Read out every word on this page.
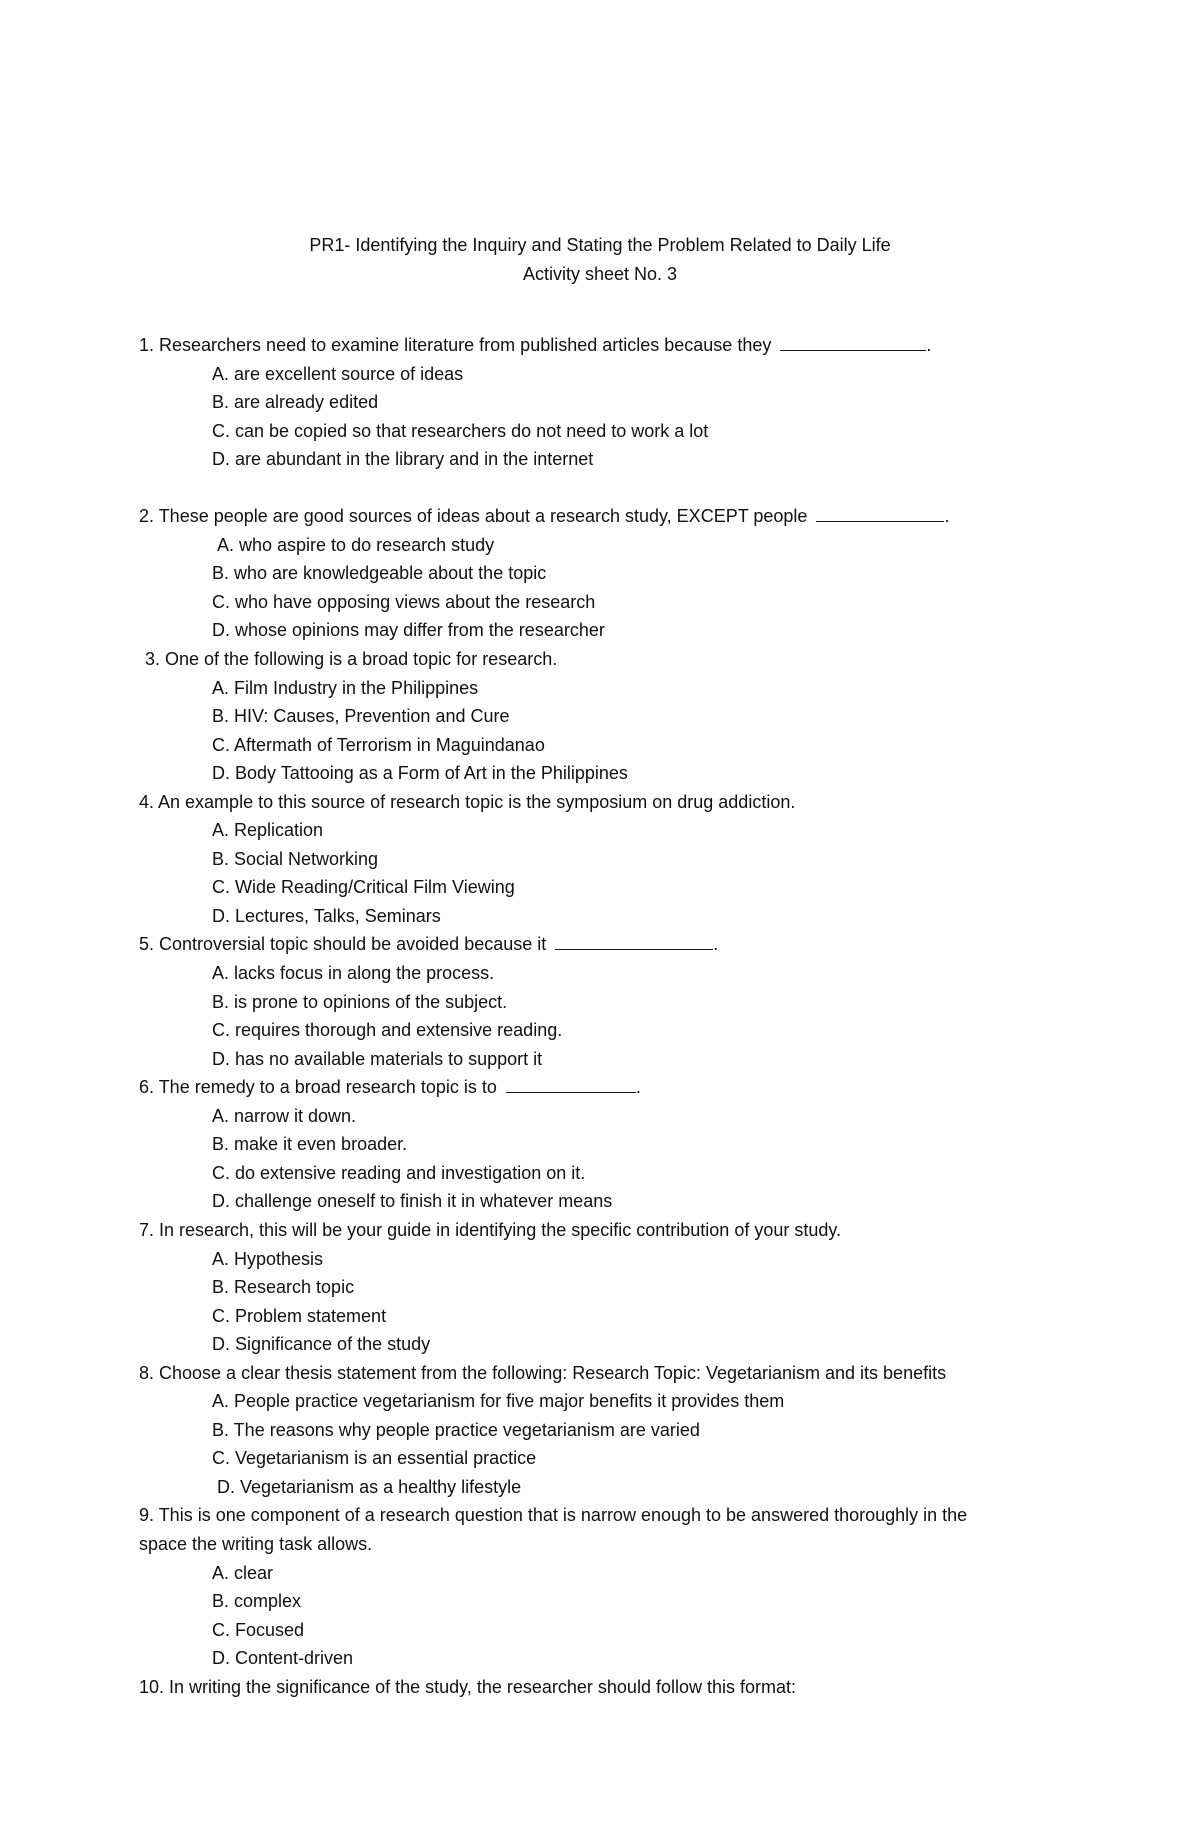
PR1- Identifying the Inquiry and Stating the Problem Related to Daily Life
Activity sheet No. 3
1. Researchers need to examine literature from published articles because they	.
A. are excellent source of ideas
B. are already edited
C. can be copied so that researchers do not need to work a lot
D. are abundant in the library and in the internet
2. These people are good sources of ideas about a research study, EXCEPT people	.
A. who aspire to do research study
B. who are knowledgeable about the topic
C. who have opposing views about the research
D. whose opinions may differ from the researcher
3. One of the following is a broad topic for research.
A. Film Industry in the Philippines
B. HIV: Causes, Prevention and Cure
C. Aftermath of Terrorism in Maguindanao
D. Body Tattooing as a Form of Art in the Philippines
4. An example to this source of research topic is the symposium on drug addiction.
A. Replication
B. Social Networking
C. Wide Reading/Critical Film Viewing
D. Lectures, Talks, Seminars
5. Controversial topic should be avoided because it	.
A. lacks focus in along the process.
B. is prone to opinions of the subject.
C. requires thorough and extensive reading.
D. has no available materials to support it
6. The remedy to a broad research topic is to	.
A. narrow it down.
B. make it even broader.
C. do extensive reading and investigation on it.
D. challenge oneself to finish it in whatever means
7. In research, this will be your guide in identifying the specific contribution of your study.
A. Hypothesis
B. Research topic
C. Problem statement
D. Significance of the study
8. Choose a clear thesis statement from the following: Research Topic: Vegetarianism and its benefits
A. People practice vegetarianism for five major benefits it provides them
B. The reasons why people practice vegetarianism are varied
C. Vegetarianism is an essential practice
D. Vegetarianism as a healthy lifestyle
9. This is one component of a research question that is narrow enough to be answered thoroughly in the
space the writing task allows.
A. clear
B. complex
C. Focused
D. Content-driven
10. In writing the significance of the study, the researcher should follow this format:
